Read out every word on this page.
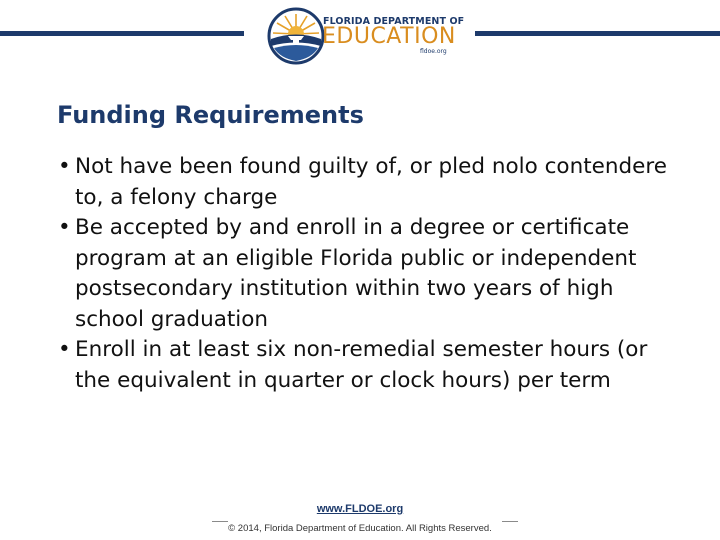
FLORIDA DEPARTMENT OF
EDUCATION
fldoe.org
Funding Requirements
• Not have been found guilty of, or pled nolo contendere to, a felony charge
• Be accepted by and enroll in a degree or certificate program at an eligible Florida public or independent postsecondary institution within two years of high school graduation
• Enroll in at least six non-remedial semester hours (or the equivalent in quarter or clock hours) per term
www.FLDOE.org
© 2014, Florida Department of Education. All Rights Reserved.
